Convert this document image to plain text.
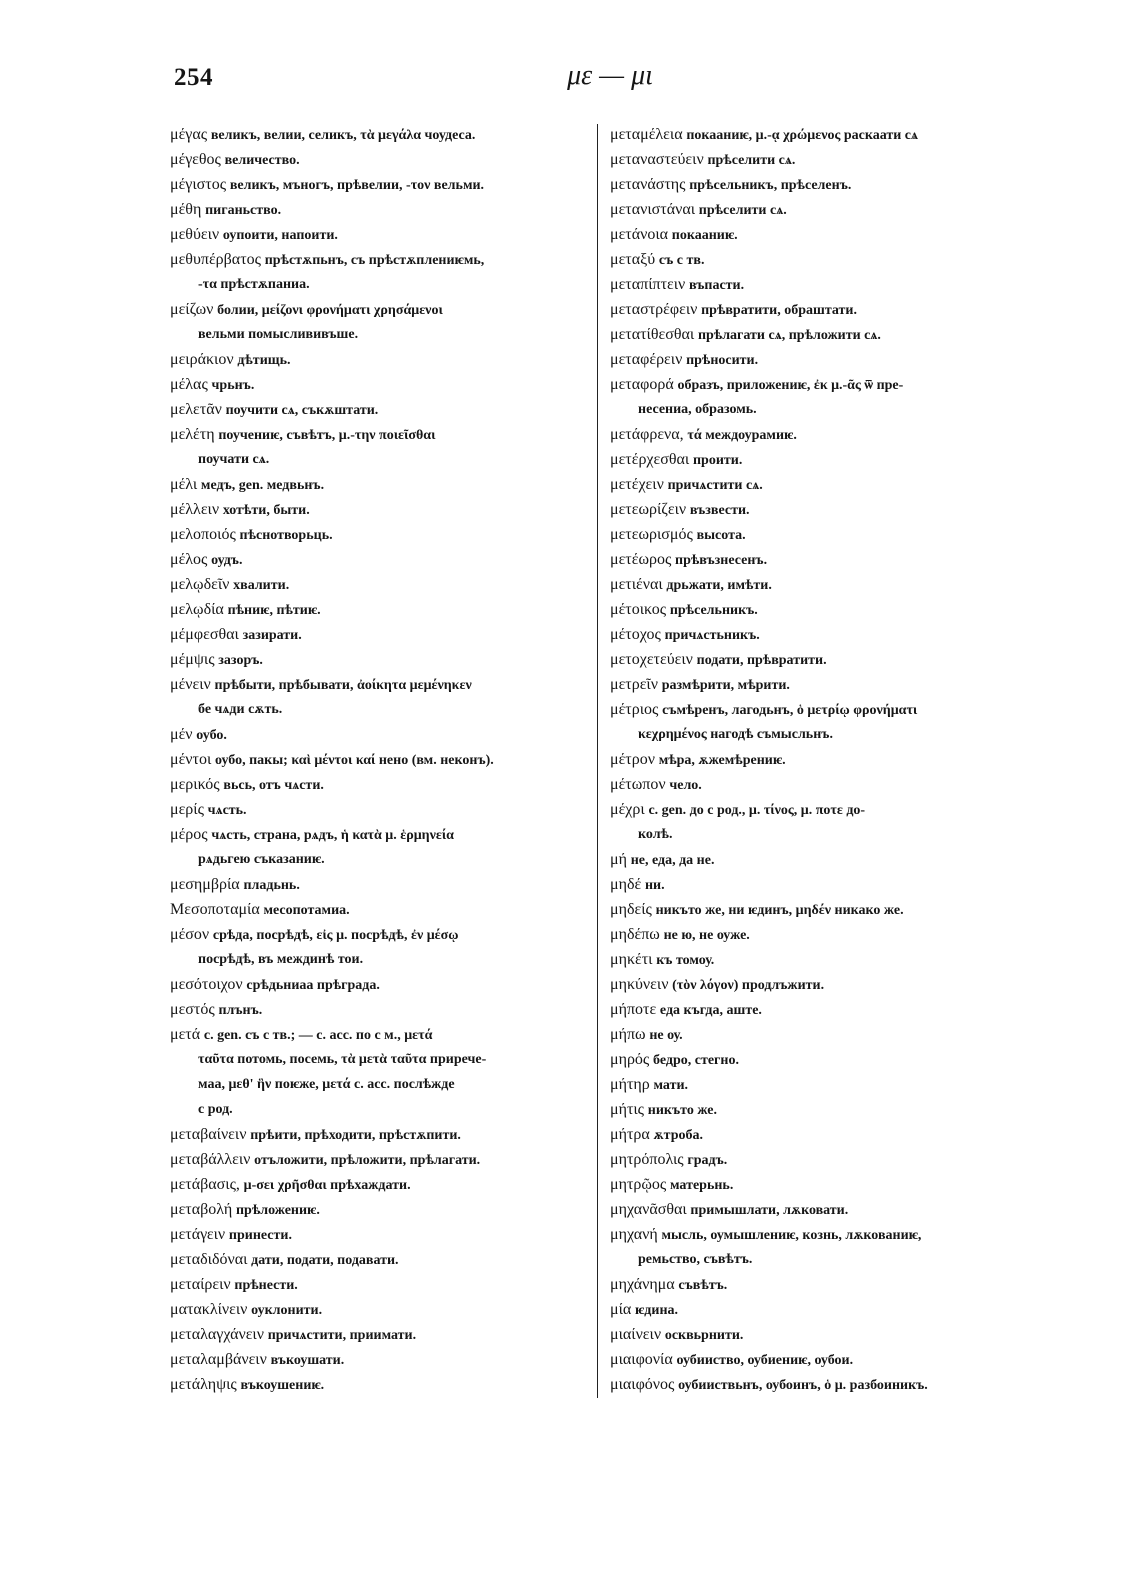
254	με — μι
μέγας великъ, велии, селикъ, τὰ μεγάλα чоудеса.
μέγεθος величество.
μέγιστος великъ, мъногъ, прѣвелии, -τον вельми.
μέθη пиганьство.
μεθύειν оупоити, напоити.
μεθυπέρβατος прѣстѫпьнъ, съ прѣстѫплениѥмь,
-τα прѣстѫпаниа.
μείζων болии, μείζονι φρονήματι χρησάμενοι
вельми помыслививъше.
μειράκιον дѣтищь.
μέλας чрьнъ.
μελετᾶν поучити сѧ, съкѫштати.
μελέτη поучениѥ, съвѣтъ, μ.-την ποιεῖσθαι
поучати сѧ.
μέλι медъ, gen. медвьнъ.
μέλλειν хотѣти, быти.
μελοποιός пѣснотворьць.
μέλος оудъ.
μελῳδεῖν хвалити.
μελῳδία пѣниѥ, пѣтиѥ.
μέμφεσθαι зазирати.
μέμψις зазоръ.
μένειν прѣбыти, прѣбывати, ἀοίκητα μεμένηκεν
бе чѧди сѫть.
μέν оубо.
μέντοι оубо, пакы; καὶ μέντοι καί нено (вм. неконъ).
μερικός вьсь, отъ чѧсти.
μερίς чѧсть.
μέρος чѧсть, страна, рѧдъ, ἡ κατὰ μ. ἑρμηνεία
рѧдьгею съказаниѥ.
μεσημβρία пладьнь.
Μεσοποταμία месопотамиа.
μέσον срѣда, посрѣдѣ, εἰς μ. посрѣдѣ, ἐν μέσῳ
посрѣдѣ, въ междинѣ тои.
μεσότοιχον срѣдьниаа прѣграда.
μεστός плънъ.
μετά c. gen. съ с тв.; — c. acc. по с м., μετά
ταῦτα потомь, посемь, τὰ μετὰ ταῦτα прирече-
маа, μεθ' ἣν поѥже, μετά c. acc. послѣжде
с род.
μεταβαίνειν прѣити, прѣходити, прѣстѫпити.
μεταβάλλειν отъложити, прѣложити, прѣлагати.
μετάβασις, μ-σει χρῆσθαι прѣхаждати.
μεταβολή прѣложениѥ.
μετάγειν принести.
μεταδιδόναι дати, подати, подавати.
μεταίρειν прѣнести.
ματακλίνειν оуклонити.
μεταλαγχάνειν причѧстити, приимати.
μεταλαμβάνειν въкоушати.
μετάληψις въкоушениѥ.
μεταμέλεια покааниѥ, μ.-ᾳ χρώμενος раскаати сѧ
μεταναστεύειν прѣселити сѧ.
μετανάστης прѣсельникъ, прѣселенъ.
μετανιστάναι прѣселити сѧ.
μετάνοια покааниѥ.
μεταξύ съ с тв.
μεταπίπτειν въпасти.
μεταστρέφειν прѣвратити, обраштати.
μετατίθεσθαι прѣлагати сѧ, прѣложити сѧ.
μεταφέρειν прѣносити.
μεταφορά образъ, приложениѥ, ἐκ μ.-ᾶς ѿ пре-
несениа, образомь.
μετάφρενα, τά междоурамиѥ.
μετέρχεσθαι проити.
μετέχειν причѧстити сѧ.
μετεωρίζειν възвести.
μετεωρισμός высота.
μετέωρος прѣвъзнесенъ.
μετιέναι дрьжати, имѣти.
μέτοικος прѣсельникъ.
μέτοχος причѧстьникъ.
μετοχετεύειν подати, прѣвратити.
μετρεῖν размѣрити, мѣрити.
μέτριος съмѣренъ, лагодьнъ, ὁ μετρίῳ φρονήματι
κεχρημένος нагодѣ съмысльнъ.
μέτρον мѣра, ѫжемѣрениѥ.
μέτωπον чело.
μέχρι c. gen. до с род., μ. τίνος, μ. ποτε до-
колѣ.
μή не, еда, да не.
μηδέ ни.
μηδείς никъто же, ни ѥдинъ, μηδέν никако же.
μηδέπω не ю, не оуже.
μηκέτι къ томоу.
μηκύνειν (τὸν λόγον) продлъжити.
μήποτε еда къгда, аште.
μήπω не оу.
μηρός бедро, стегно.
μήτηρ мати.
μήτις никъто же.
μήτρα ѫтроба.
μητρόπολις градъ.
μητρῷος матерьнь.
μηχανᾶσθαι примышлати, лѫковати.
μηχανή мысль, оумышлениѥ, кознь, лѫкованиѥ,
ремьство, съвѣтъ.
μηχάνημα съвѣтъ.
μία ѥдина.
μιαίνειν осквьрнити.
μιαιφονία оубииство, оубиениѥ, оубои.
μιαιφόνος оубииствьнъ, оубоинъ, ὁ μ. разбоиникъ.
